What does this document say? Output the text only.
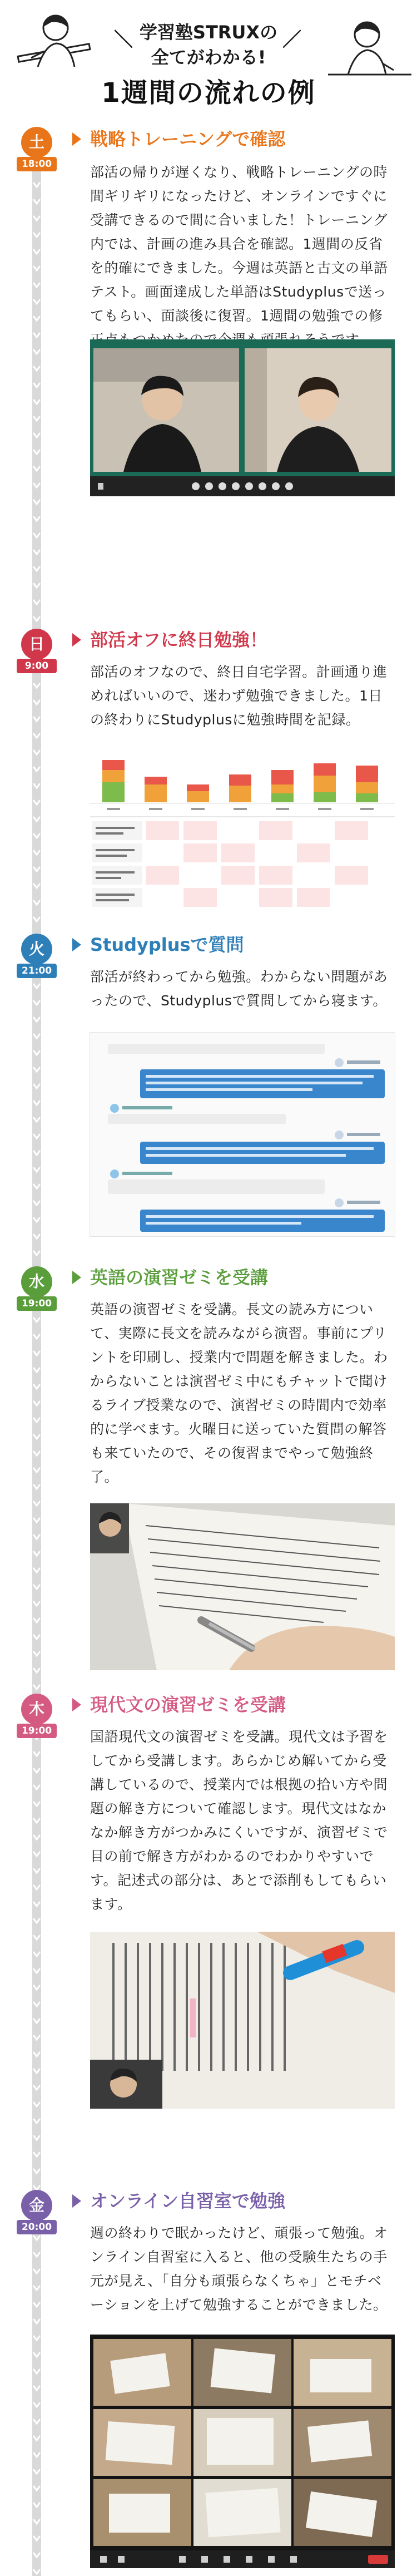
＼	／
学習塾STRUXの
全てがわかる!
1週間の流れの例
土
18:00
戦略トレーニングで確認
部活の帰りが遅くなり、戦略トレーニングの時間ギリギリになったけど、オンラインですぐに受講できるので間に合いました！トレーニング内では、計画の進み具合を確認。1週間の反省を的確にできました。今週は英語と古文の単語テスト。画面達成した単語はStudyplusで送ってもらい、面談後に復習。1週間の勉強での修
日
9:00
部活オフに終日勉強！
部活のオフなので、終日自宅学習。計画通り進めればいいので、迷わず勉強できました。1日の終わりにStudyplusに勉強時間を記録。
火
21:00
Studyplusで質問
部活が終わってから勉強。わからない問題があったので、Studyplusで質問してから寝ます。
水
19:00
英語の演習ゼミを受講
英語の演習ゼミを受講。長文の読み方について、実際に長文を読みながら演習。事前にプリントを印刷し、授業内で問題を解きました。わからないことは演習ゼミ中にもチャットで聞けるライブ授業なので、演習ゼミの時間内で効率的に学べます。火曜日に送っていた質問の解答も来ていたので、その復習までやって勉強終了。
木
19:00
現代文の演習ゼミを受講
国語現代文の演習ゼミを受講。現代文は予習をしてから受講します。あらかじめ解いてから受講しているので、授業内では根拠の拾い方や問題の解き方について確認します。現代文はなかなか解き方がつかみにくいですが、演習ゼミで目の前で解き方がわかるのでわかりやすいです。記述式の部分は、あとで添削もしてもらいます。
金
20:00
オンライン自習室で勉強
週の終わりで眠かったけど、頑張って勉強。オンライン自習室に入ると、他の受験生たちの手元が見え、「自分も頑張らなくちゃ」とモチベーションを上げて勉強することができました。
